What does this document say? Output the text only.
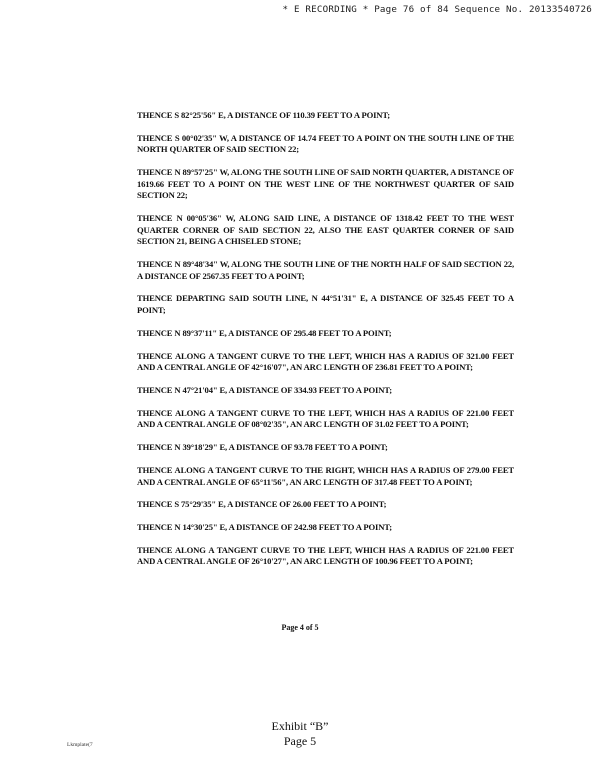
* E RECORDING * Page 76 of 84 Sequence No. 20133540726

THENCE S 82°25'56" E, A DISTANCE OF 110.39 FEET TO A POINT;

THENCE S 00°02'35" W, A DISTANCE OF 14.74 FEET TO A POINT ON THE SOUTH LINE OF THE NORTH QUARTER OF SAID SECTION 22;

THENCE N 89°57'25" W, ALONG THE SOUTH LINE OF SAID NORTH QUARTER, A DISTANCE OF 1619.66 FEET TO A POINT ON THE WEST LINE OF THE NORTHWEST QUARTER OF SAID SECTION 22;

THENCE N 00°05'36" W, ALONG SAID LINE, A DISTANCE OF 1318.42 FEET TO THE WEST QUARTER CORNER OF SAID SECTION 22, ALSO THE EAST QUARTER CORNER OF SAID SECTION 21, BEING A CHISELED STONE;

THENCE N 89°48'34" W, ALONG THE SOUTH LINE OF THE NORTH HALF OF SAID SECTION 22, A DISTANCE OF 2567.35 FEET TO A POINT;

THENCE DEPARTING SAID SOUTH LINE, N 44°51'31" E, A DISTANCE OF 325.45 FEET TO A POINT;

THENCE N 89°37'11" E, A DISTANCE OF 295.48 FEET TO A POINT;

THENCE ALONG A TANGENT CURVE TO THE LEFT, WHICH HAS A RADIUS OF 321.00 FEET AND A CENTRAL ANGLE OF 42°16'07", AN ARC LENGTH OF 236.81 FEET TO A POINT;

THENCE N 47°21'04" E, A DISTANCE OF 334.93 FEET TO A POINT;

THENCE ALONG A TANGENT CURVE TO THE LEFT, WHICH HAS A RADIUS OF 221.00 FEET AND A CENTRAL ANGLE OF 08°02'35", AN ARC LENGTH OF 31.02 FEET TO A POINT;

THENCE N 39°18'29" E, A DISTANCE OF 93.78 FEET TO A POINT;

THENCE ALONG A TANGENT CURVE TO THE RIGHT, WHICH HAS A RADIUS OF 279.00 FEET AND A CENTRAL ANGLE OF 65°11'56", AN ARC LENGTH OF 317.48 FEET TO A POINT;

THENCE S 75°29'35" E, A DISTANCE OF 26.00 FEET TO A POINT;

THENCE N 14°30'25" E, A DISTANCE OF 242.98 FEET TO A POINT;

THENCE ALONG A TANGENT CURVE TO THE LEFT, WHICH HAS A RADIUS OF 221.00 FEET AND A CENTRAL ANGLE OF 26°10'27", AN ARC LENGTH OF 100.96 FEET TO A POINT;

Page 4 of 5
Exhibit “B”
Page 5
Lkmplate(7
